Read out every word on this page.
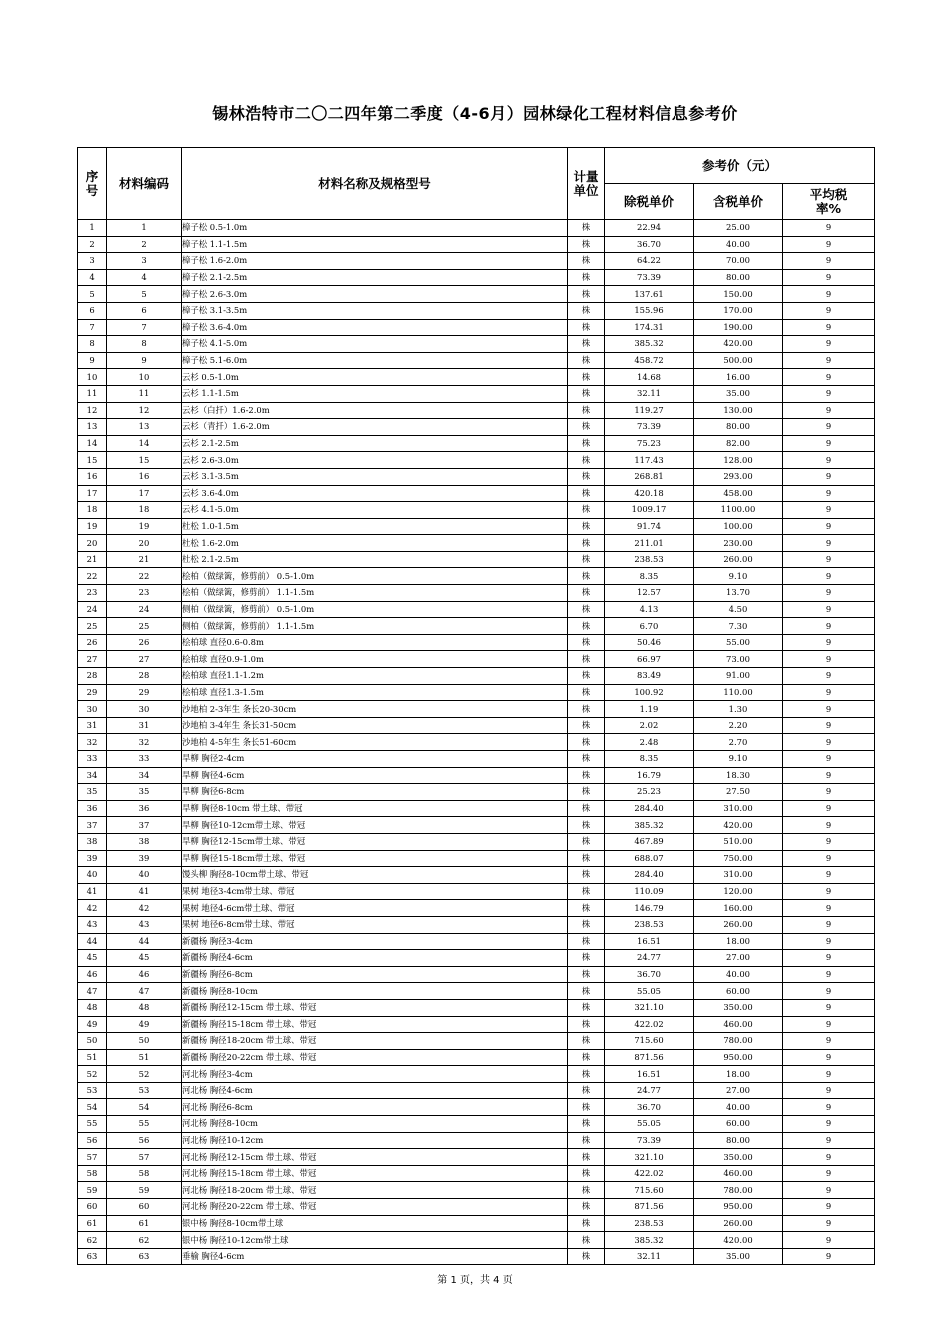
锡林浩特市二〇二四年第二季度（4-6月）园林绿化工程材料信息参考价
序号	材料编码	材料名称及规格型号	计量单位	参考价（元）		
				除税单价	含税单价	平均税率%
1	1	樟子松 0.5-1.0m	株	22.94	25.00	9
2	2	樟子松 1.1-1.5m	株	36.70	40.00	9
3	3	樟子松 1.6-2.0m	株	64.22	70.00	9
4	4	樟子松 2.1-2.5m	株	73.39	80.00	9
5	5	樟子松 2.6-3.0m	株	137.61	150.00	9
6	6	樟子松 3.1-3.5m	株	155.96	170.00	9
7	7	樟子松 3.6-4.0m	株	174.31	190.00	9
8	8	樟子松 4.1-5.0m	株	385.32	420.00	9
9	9	樟子松 5.1-6.0m	株	458.72	500.00	9
10	10	云杉 0.5-1.0m	株	14.68	16.00	9
11	11	云杉 1.1-1.5m	株	32.11	35.00	9
12	12	云杉（白扦）1.6-2.0m	株	119.27	130.00	9
13	13	云杉（青扦）1.6-2.0m	株	73.39	80.00	9
14	14	云杉 2.1-2.5m	株	75.23	82.00	9
15	15	云杉 2.6-3.0m	株	117.43	128.00	9
16	16	云杉 3.1-3.5m	株	268.81	293.00	9
17	17	云杉 3.6-4.0m	株	420.18	458.00	9
18	18	云杉 4.1-5.0m	株	1009.17	1100.00	9
19	19	杜松 1.0-1.5m	株	91.74	100.00	9
20	20	杜松 1.6-2.0m	株	211.01	230.00	9
21	21	杜松 2.1-2.5m	株	238.53	260.00	9
22	22	桧柏（做绿篱，修剪前） 0.5-1.0m	株	8.35	9.10	9
23	23	桧柏（做绿篱，修剪前） 1.1-1.5m	株	12.57	13.70	9
24	24	侧柏（做绿篱，修剪前） 0.5-1.0m	株	4.13	4.50	9
25	25	侧柏（做绿篱，修剪前） 1.1-1.5m	株	6.70	7.30	9
26	26	桧柏球 直径0.6-0.8m	株	50.46	55.00	9
27	27	桧柏球 直径0.9-1.0m	株	66.97	73.00	9
28	28	桧柏球 直径1.1-1.2m	株	83.49	91.00	9
29	29	桧柏球 直径1.3-1.5m	株	100.92	110.00	9
30	30	沙地柏 2-3年生 条长20-30cm	株	1.19	1.30	9
31	31	沙地柏 3-4年生 条长31-50cm	株	2.02	2.20	9
32	32	沙地柏 4-5年生 条长51-60cm	株	2.48	2.70	9
33	33	旱柳 胸径2-4cm	株	8.35	9.10	9
34	34	旱柳 胸径4-6cm	株	16.79	18.30	9
35	35	旱柳 胸径6-8cm	株	25.23	27.50	9
36	36	旱柳 胸径8-10cm 带土球、带冠	株	284.40	310.00	9
37	37	旱柳 胸径10-12cm带土球、带冠	株	385.32	420.00	9
38	38	旱柳 胸径12-15cm带土球、带冠	株	467.89	510.00	9
39	39	旱柳 胸径15-18cm带土球、带冠	株	688.07	750.00	9
40	40	馒头柳 胸径8-10cm带土球、带冠	株	284.40	310.00	9
41	41	果树 地径3-4cm带土球、带冠	株	110.09	120.00	9
42	42	果树 地径4-6cm带土球、带冠	株	146.79	160.00	9
43	43	果树 地径6-8cm带土球、带冠	株	238.53	260.00	9
44	44	新疆杨 胸径3-4cm	株	16.51	18.00	9
45	45	新疆杨 胸径4-6cm	株	24.77	27.00	9
46	46	新疆杨 胸径6-8cm	株	36.70	40.00	9
47	47	新疆杨 胸径8-10cm	株	55.05	60.00	9
48	48	新疆杨 胸径12-15cm 带土球、带冠	株	321.10	350.00	9
49	49	新疆杨 胸径15-18cm 带土球、带冠	株	422.02	460.00	9
50	50	新疆杨 胸径18-20cm 带土球、带冠	株	715.60	780.00	9
51	51	新疆杨 胸径20-22cm 带土球、带冠	株	871.56	950.00	9
52	52	河北杨 胸径3-4cm	株	16.51	18.00	9
53	53	河北杨 胸径4-6cm	株	24.77	27.00	9
54	54	河北杨 胸径6-8cm	株	36.70	40.00	9
55	55	河北杨 胸径8-10cm	株	55.05	60.00	9
56	56	河北杨 胸径10-12cm	株	73.39	80.00	9
57	57	河北杨 胸径12-15cm 带土球、带冠	株	321.10	350.00	9
58	58	河北杨 胸径15-18cm 带土球、带冠	株	422.02	460.00	9
59	59	河北杨 胸径18-20cm 带土球、带冠	株	715.60	780.00	9
60	60	河北杨 胸径20-22cm 带土球、带冠	株	871.56	950.00	9
61	61	银中杨 胸径8-10cm带土球	株	238.53	260.00	9
62	62	银中杨 胸径10-12cm带土球	株	385.32	420.00	9
63	63	垂榆 胸径4-6cm	株	32.11	35.00	9
第 1 页，共 4 页
